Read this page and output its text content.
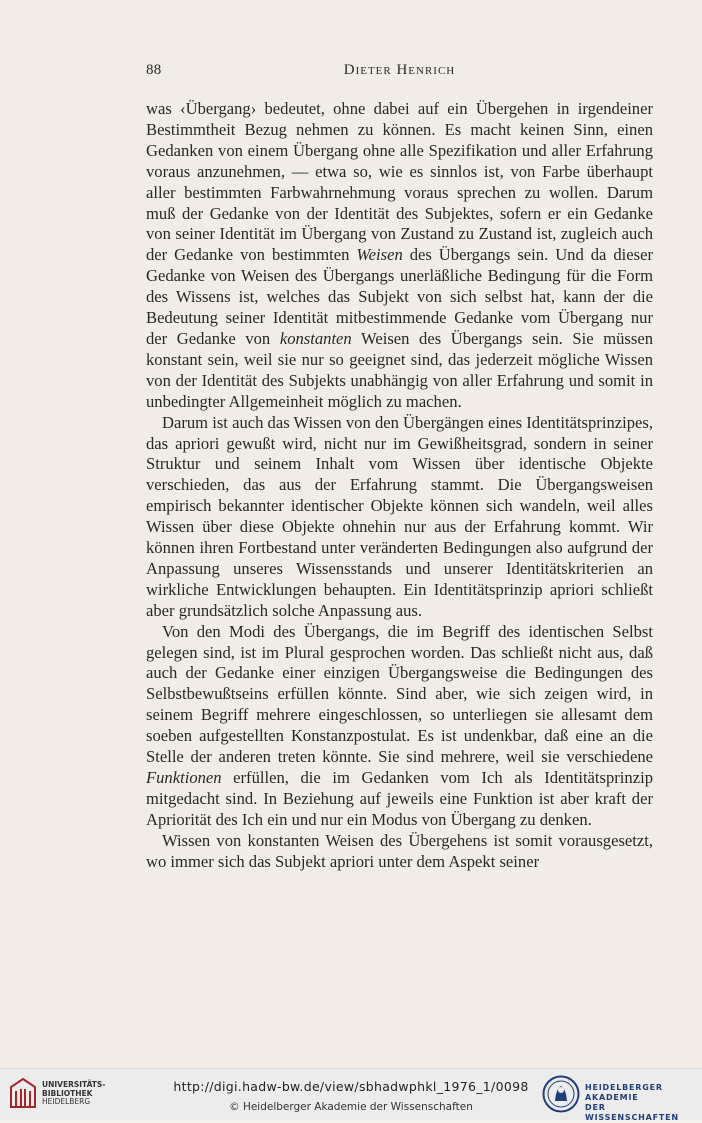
88	Dieter Henrich

was ‹Übergang› bedeutet, ohne dabei auf ein Übergehen in irgendeiner Bestimmtheit Bezug nehmen zu können. Es macht keinen Sinn, einen Gedanken von einem Übergang ohne alle Spezifikation und aller Erfahrung voraus anzunehmen, — etwa so, wie es sinnlos ist, von Farbe überhaupt aller bestimmten Farbwahrnehmung voraus sprechen zu wollen. Darum muß der Gedanke von der Identität des Subjektes, sofern er ein Gedanke von seiner Identität im Übergang von Zustand zu Zustand ist, zugleich auch der Gedanke von bestimmten Weisen des Übergangs sein. Und da dieser Gedanke von Weisen des Übergangs unerläßliche Bedingung für die Form des Wissens ist, welches das Subjekt von sich selbst hat, kann der die Bedeutung seiner Identität mitbestimmende Gedanke vom Übergang nur der Gedanke von konstanten Weisen des Übergangs sein. Sie müssen konstant sein, weil sie nur so geeignet sind, das jederzeit mögliche Wissen von der Identität des Subjekts unabhängig von aller Erfahrung und somit in unbedingter Allgemeinheit möglich zu machen.

Darum ist auch das Wissen von den Übergängen eines Identitätsprinzipes, das apriori gewußt wird, nicht nur im Gewißheitsgrad, sondern in seiner Struktur und seinem Inhalt vom Wissen über identische Objekte verschieden, das aus der Erfahrung stammt. Die Übergangsweisen empirisch bekannter identischer Objekte können sich wandeln, weil alles Wissen über diese Objekte ohnehin nur aus der Erfahrung kommt. Wir können ihren Fortbestand unter veränderten Bedingungen also aufgrund der Anpassung unseres Wissensstands und unserer Identitätskriterien an wirkliche Entwicklungen behaupten. Ein Identitätsprinzip apriori schließt aber grundsätzlich solche Anpassung aus.

Von den Modi des Übergangs, die im Begriff des identischen Selbst gelegen sind, ist im Plural gesprochen worden. Das schließt nicht aus, daß auch der Gedanke einer einzigen Übergangsweise die Bedingungen des Selbstbewußtseins erfüllen könnte. Sind aber, wie sich zeigen wird, in seinem Begriff mehrere eingeschlossen, so unterliegen sie allesamt dem soeben aufgestellten Konstanzpostulat. Es ist undenkbar, daß eine an die Stelle der anderen treten könnte. Sie sind mehrere, weil sie verschiedene Funktionen erfüllen, die im Gedanken vom Ich als Identitätsprinzip mitgedacht sind. In Beziehung auf jeweils eine Funktion ist aber kraft der Apriorität des Ich ein und nur ein Modus von Übergang zu denken.

Wissen von konstanten Weisen des Übergehens ist somit vorausgesetzt, wo immer sich das Subjekt apriori unter dem Aspekt seiner

UNIVERSITÄTS-
BIBLIOTHEK
HEIDELBERG
http://digi.hadw-bw.de/view/sbhadwphkl_1976_1/0098
© Heidelberger Akademie der Wissenschaften
HEIDELBERGER AKADEMIE
DER WISSENSCHAFTEN
